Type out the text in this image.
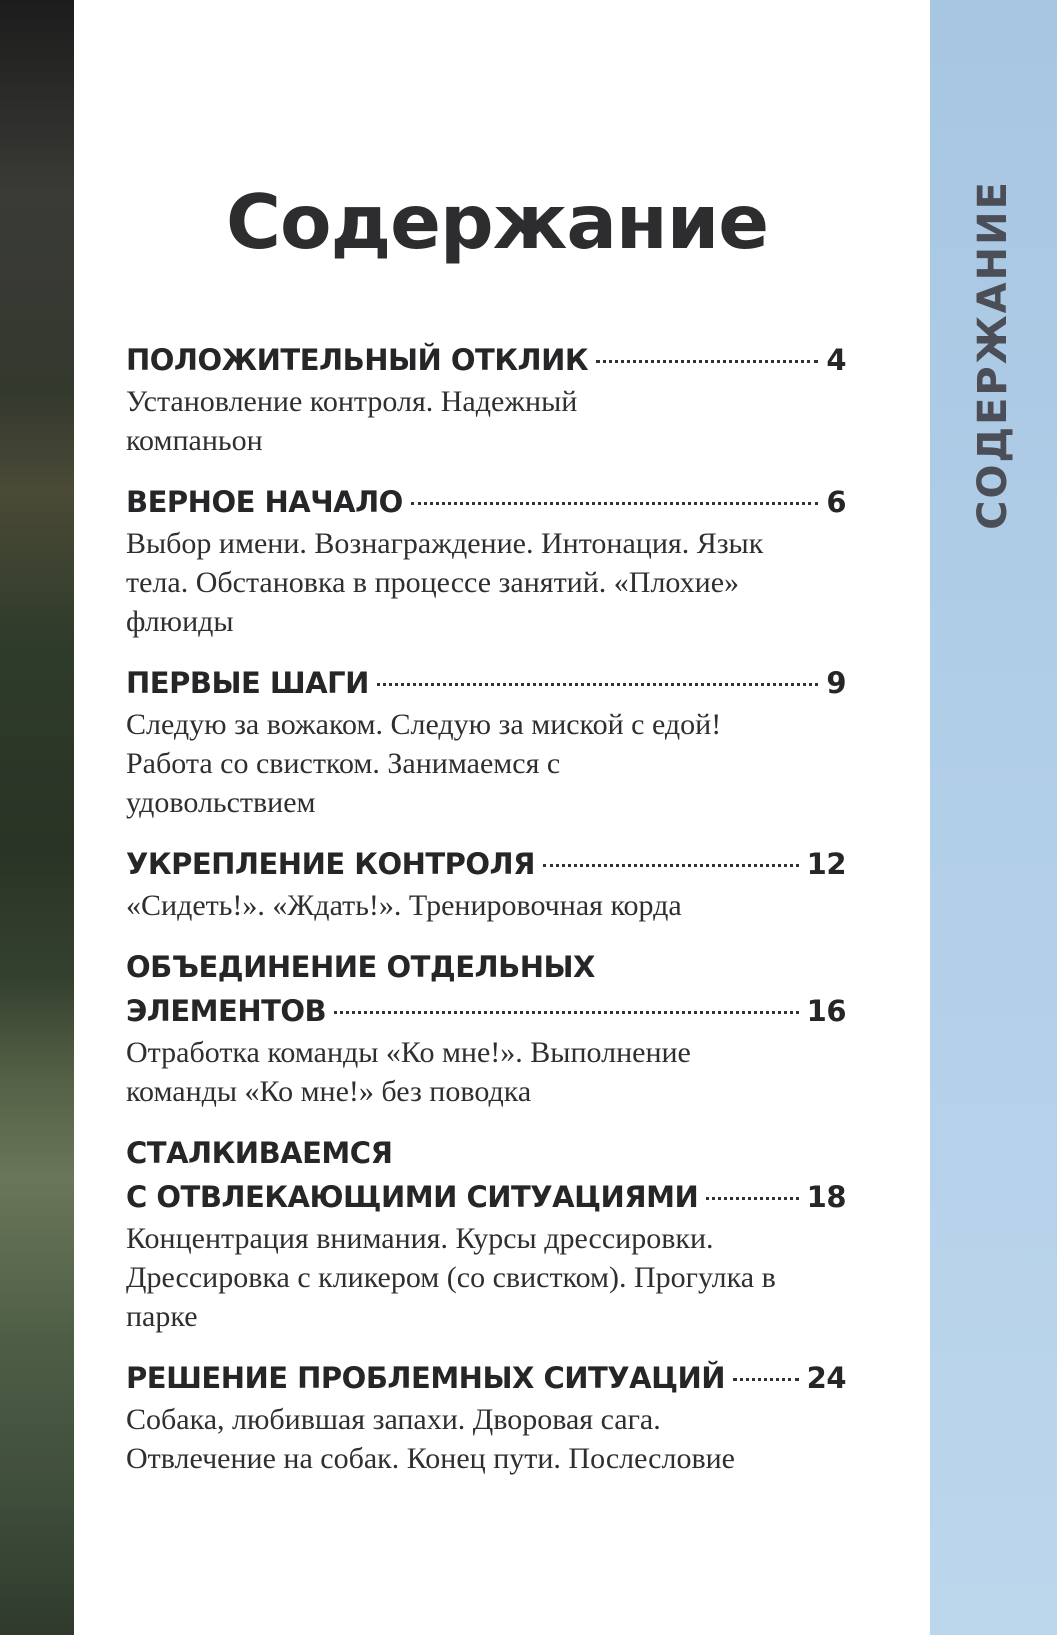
СОДЕРЖАНИЕ
Содержание
ПОЛОЖИТЕЛЬНЫЙ ОТКЛИК	4
Установление контроля. Надежный компаньон
ВЕРНОЕ НАЧАЛО	6
Выбор имени. Вознаграждение. Интонация. Язык тела. Обстановка в процессе занятий. «Плохие» флюиды
ПЕРВЫЕ ШАГИ	9
Следую за вожаком. Следую за миской с едой! Работа со свистком. Занимаемся с удовольствием
УКРЕПЛЕНИЕ КОНТРОЛЯ	12
«Сидеть!». «Ждать!». Тренировочная корда
ОБЪЕДИНЕНИЕ ОТДЕЛЬНЫХ
ЭЛЕМЕНТОВ	16
Отработка команды «Ко мне!». Выполнение команды «Ко мне!» без поводка
СТАЛКИВАЕМСЯ
С ОТВЛЕКАЮЩИМИ СИТУАЦИЯМИ	18
Концентрация внимания. Курсы дрессировки. Дрессировка с кликером (со свистком). Прогулка в парке
РЕШЕНИЕ ПРОБЛЕМНЫХ СИТУАЦИЙ	24
Собака, любившая запахи. Дворовая сага. Отвлечение на собак. Конец пути. Послесловие
